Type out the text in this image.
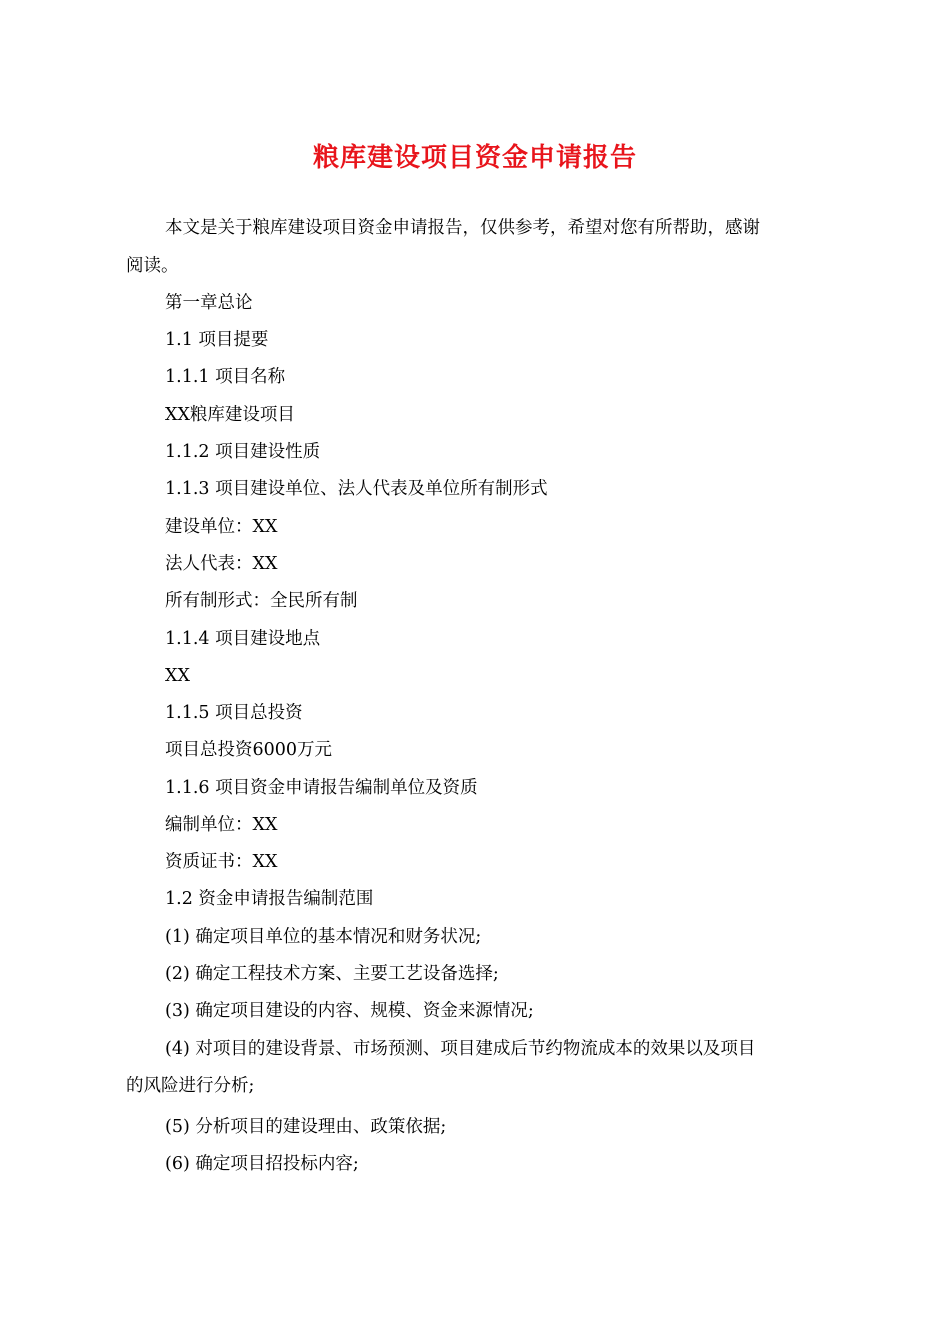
粮库建设项目资金申请报告
本文是关于粮库建设项目资金申请报告，仅供参考，希望对您有所帮助，感谢
阅读。
第一章总论
1.1 项目提要
1.1.1 项目名称
XX粮库建设项目
1.1.2 项目建设性质
1.1.3 项目建设单位、法人代表及单位所有制形式
建设单位：XX
法人代表：XX
所有制形式：全民所有制
1.1.4 项目建设地点
XX
1.1.5 项目总投资
项目总投资6000万元
1.1.6 项目资金申请报告编制单位及资质
编制单位：XX
资质证书：XX
1.2 资金申请报告编制范围
(1) 确定项目单位的基本情况和财务状况;
(2) 确定工程技术方案、主要工艺设备选择;
(3) 确定项目建设的内容、规模、资金来源情况;
(4) 对项目的建设背景、市场预测、项目建成后节约物流成本的效果以及项目
的风险进行分析;
(5) 分析项目的建设理由、政策依据;
(6) 确定项目招投标内容;
